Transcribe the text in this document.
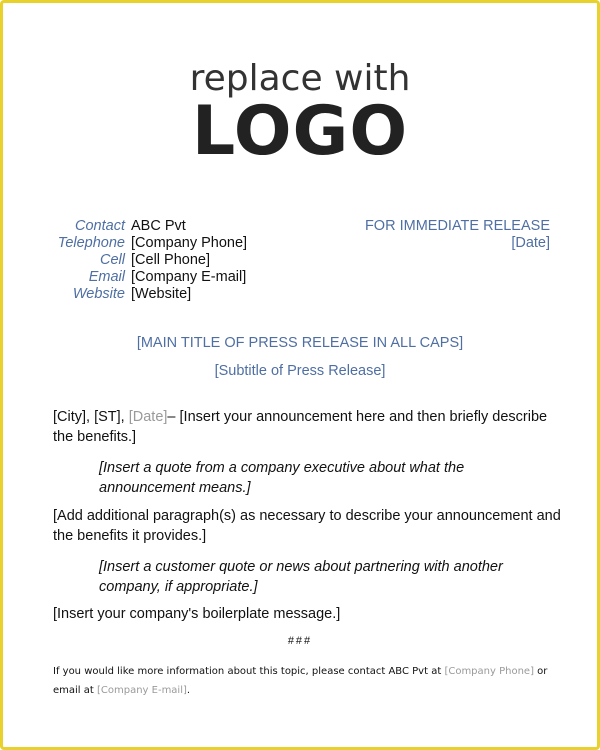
replace with
LOGO
Contact ABC Pvt
Telephone [Company Phone]
Cell [Cell Phone]
Email [Company E-mail]
Website [Website]
FOR IMMEDIATE RELEASE
[Date]
[MAIN TITLE OF PRESS RELEASE IN ALL CAPS]
[Subtitle of Press Release]
[City], [ST], [Date]– [Insert your announcement here and then briefly describe the benefits.]
[Insert a quote from a company executive about what the announcement means.]
[Add additional paragraph(s) as necessary to describe your announcement and the benefits it provides.]
[Insert a customer quote or news about partnering with another company, if appropriate.]
[Insert your company's boilerplate message.]
###
If you would like more information about this topic, please contact ABC Pvt at [Company Phone] or email at [Company E-mail].
